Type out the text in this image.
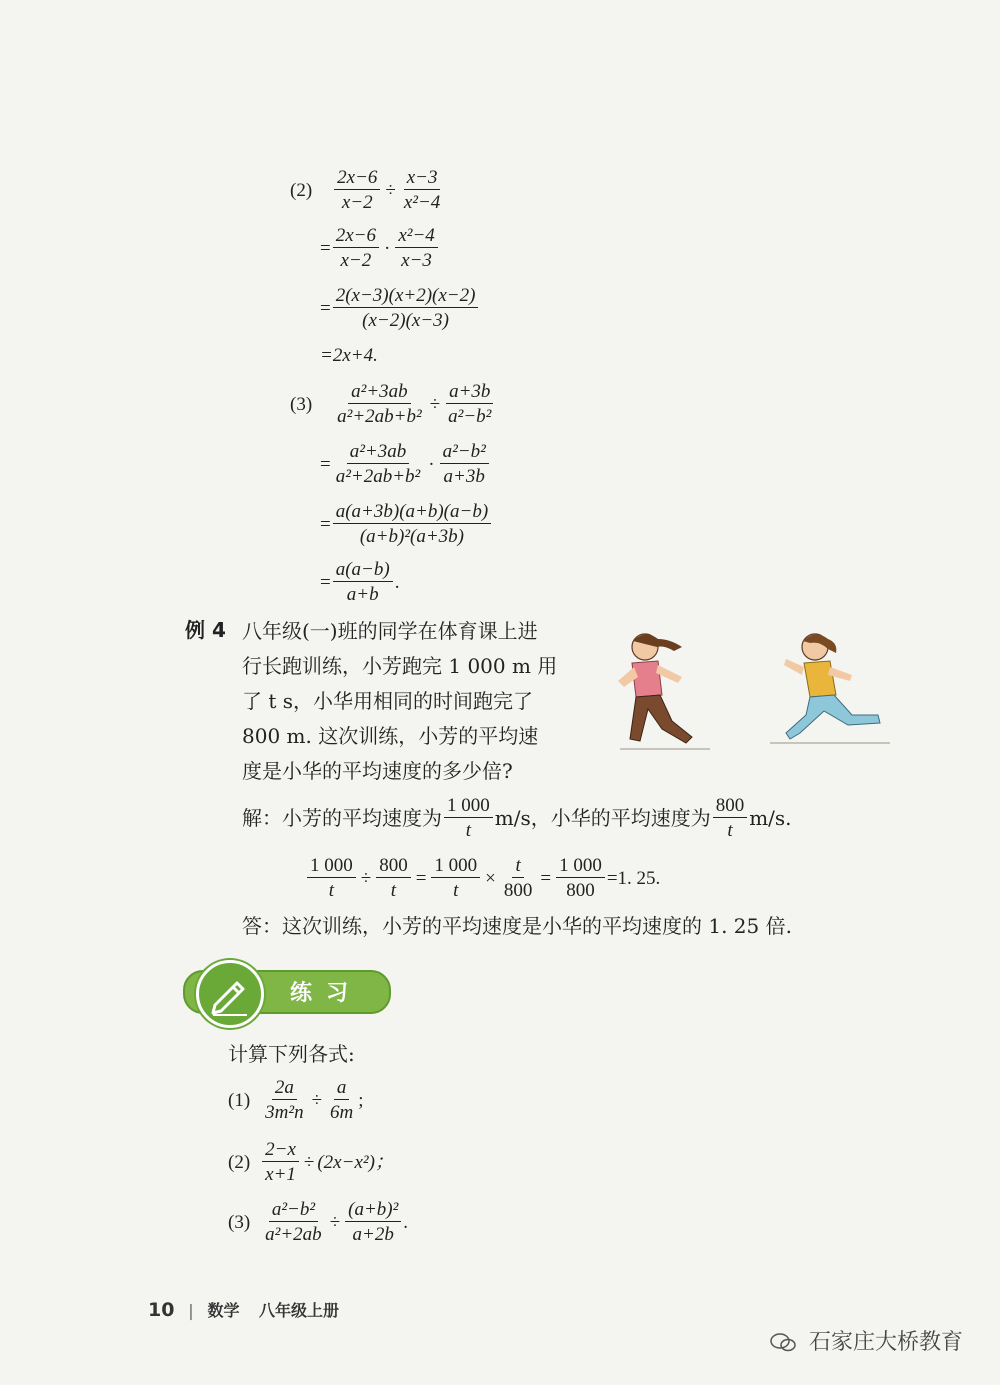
$(2) \frac{2x-6}{x-2} \div \frac{x-3}{\text{x²−4}}$
= $\frac{2x-6}{x-2} \cdot \frac{\text{x²−4}}{x-3}$
= $\frac{2(x-3)(x+2)(x-2)}{(x-2)(x-3)}$
=2x+4.
$(3) \frac{\text{a²+3ab}}{\text{a²+2ab+b²}} \div \frac{a+3b}{\text{a²−b²}}$
= $\frac{\text{a²+3ab}}{\text{a²+2ab+b²}} \cdot \frac{\text{a²−b²}}{a+3b}$
= $\frac{a(a+3b)(a+b)(a-b)}{\text{(a+b)²(a+3b)}}$
= $\frac{a(a-b)}{a+b}$ .
例 4 八年级(一)班的同学在体育课上进
行长跑训练，小芳跑完 1 000 m 用
了 t s，小华用相同的时间跑完了
800 m. 这次训练，小芳的平均速
度是小华的平均速度的多少倍?
解：小芳的平均速度为 $\frac{1 000}{t} m/s$，小华的平均速度为 $\frac{800}{t} m/s$.
$\frac{1 000}{t} \div \frac{800}{t} = \frac{1 000}{t} \times \frac{t}{800} = \frac{1 000}{800} =1$. 25.
答：这次训练，小芳的平均速度是小华的平均速度的 1. 25 倍.
练习
计算下列各式:
$(1) \frac{2a}{\text{3m²n}} \div \frac{a}{6m}$ ;
$(2) \frac{2-x}{x+1} \div (2x-x^2)$；
$(3) \frac{\text{a²−b²}}{\text{a²+2ab}} \div \frac{\text{(a+b)²}}{a+2b}$ .
10 | 数学 八年级上册
石家庄大桥教育
